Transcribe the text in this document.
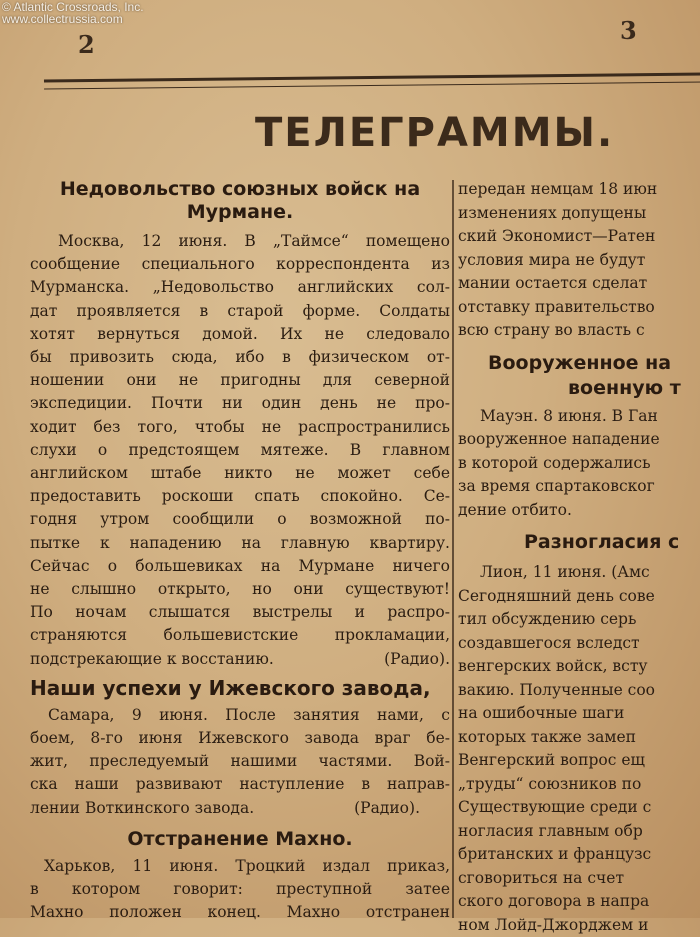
© Atlantic Crossroads, Inc.
www.collectrussia.com
2	3
ТЕЛЕГРАММЫ.

Недовольство союзных войск на

Мурмане.

Москва, 12 июня. В „Таймсе“ помещено

сообщение специального корреспондента из

Мурманска. „Недовольство английских сол-

дат проявляется в старой форме. Солдаты

хотят вернуться домой. Их не следовало

бы привозить сюда, ибо в физическом от-

ношении они не пригодны для северной

экспедиции. Почти ни один день не про-

ходит без того, чтобы не распространились

слухи о предстоящем мятеже. В главном

английском штабе никто не может себе

предоставить роскоши спать спокойно. Се-

годня утром сообщили о возможной по-

пытке к нападению на главную квартиру.

Сейчас о большевиках на Мурмане ничего

не слышно открыто, но они существуют!

По ночам слышатся выстрелы и распро-

страняются большевистские прокламации,

подстрекающие к восстанию.	(Радио).

Наши успехи у Ижевского завода,

Самара, 9 июня. После занятия нами, с

боем, 8-го июня Ижевского завода враг бе-

жит, преследуемый нашими частями. Вой-

ска наши развивают наступление в направ-

лении Воткинского завода.	(Радио).

Отстранение Махно.

Харьков, 11 июня. Троцкий издал приказ,

в котором говорит: преступной затее

Махно положен конец. Махно отстранен

передан немцам 18 июн

изменениях допущены

ский Экономист—Ратен

условия мира не будут

мании остается сделат

отставку правительство

всю страну во власть с

Вооруженное на

военную т

Мауэн. 8 июня. В Ган

вооруженное нападение

в которой содержались

за время спартаковског

дение отбито.

Разногласия с

Лион, 11 июня. (Амс

Сегодняшний день сове

тил обсуждению серь

создавшегося вследст

венгерских войск, всту

вакию. Полученные соо

на ошибочные шаги

которых также замеп

Венгерский вопрос ещ

„труды“ союзников по

Существующие среди с

ногласия главным обр

британских и французс

сговориться на счет

ского договора в напра

ном Лойд-Джорджем и
